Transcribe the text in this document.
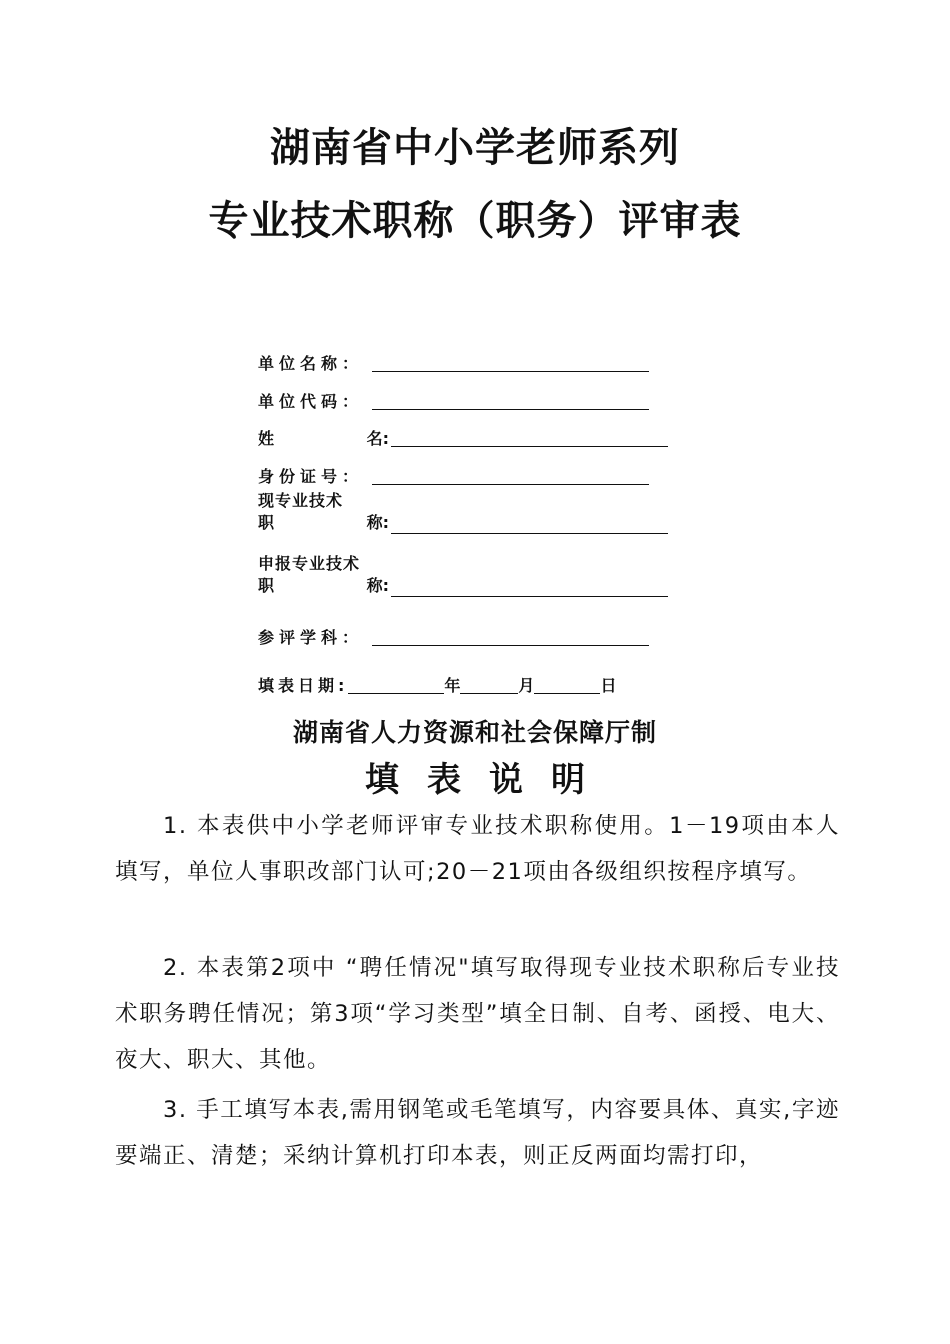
湖南省中小学老师系列
专业技术职称（职务）评审表
单位名称：
单位代码：
姓	名:
身份证号：
现专业技术
职	称:
申报专业技术
职	称:
参评学科：
填表日期:	年	月	日
湖南省人力资源和社会保障厅制
填表说明

1. 本表供中小学老师评审专业技术职称使用。1－19项由本人填写，单位人事职改部门认可;20－21项由各级组织按程序填写。

2. 本表第2项中 “聘任情况"填写取得现专业技术职称后专业技术职务聘任情况；第3项“学习类型”填全日制、自考、函授、电大、夜大、职大、其他。

3. 手工填写本表,需用钢笔或毛笔填写，内容要具体、真实,字迹要端正、清楚；采纳计算机打印本表，则正反两面均需打印，
